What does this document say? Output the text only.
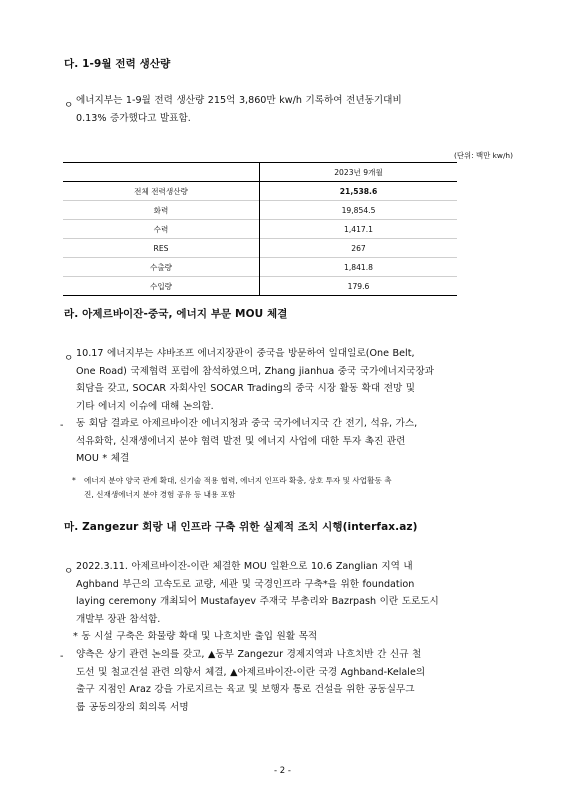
다. 1-9월 전력 생산량
ㅇ 에너지부는 1-9월 전력 생산량 215억 3,860만 kw/h 기록하여 전년동기대비
0.13% 증가했다고 발표함.
(단위: 백만 kw/h)
	2023년 9개월
전체 전력생산량	21,538.6
화력	19,854.5
수력	1,417.1
RES	267
수출량	1,841.8
수입량	179.6
라. 아제르바이잔-중국, 에너지 부문 MOU 체결
ㅇ 10.17 에너지부는 샤바조프 에너지장관이 중국을 방문하여 일대일로(One Belt,
One Road) 국제협력 포럼에 참석하였으며, Zhang jianhua 중국 국가에너지국장과
회담을 갖고, SOCAR 자회사인 SOCAR Trading의 중국 시장 활동 확대 전망 및
기타 에너지 이슈에 대해 논의함.
- 동 회담 결과로 아제르바이잔 에너지청과 중국 국가에너지국 간 전기, 석유, 가스,
석유화학, 신재생에너지 분야 협력 발전 및 에너지 사업에 대한 투자 촉진 관련
MOU * 체결
* 에너지 분야 양국 관계 확대, 신기술 적용 협력, 에너지 인프라 확충, 상호 투자 및 사업활동 촉
진, 신재생에너지 분야 경험 공유 등 내용 포함
마. Zangezur 회랑 내 인프라 구축 위한 실제적 조치 시행(interfax.az)
ㅇ 2022.3.11. 아제르바이잔-이란 체결한 MOU 일환으로 10.6 Zanglian 지역 내
Aghband 부근의 고속도로 교량, 세관 및 국경인프라 구축*을 위한 foundation
laying ceremony 개최되어 Mustafayev 주재국 부총리와 Bazrpash 이란 도로도시
개발부 장관 참석함.
* 동 시설 구축은 화물량 확대 및 나흐치반 출입 원활 목적
- 양측은 상기 관련 논의를 갖고, ▲동부 Zangezur 경제지역과 나흐치반 간 신규 철
도선 및 철교건설 관련 의향서 체결, ▲아제르바이잔-이란 국경 Aghband-Kelale의
출구 지점인 Araz 강을 가로지르는 육교 및 보행자 통로 건설을 위한 공동실무그
룹 공동의장의 회의록 서명
- 2 -
